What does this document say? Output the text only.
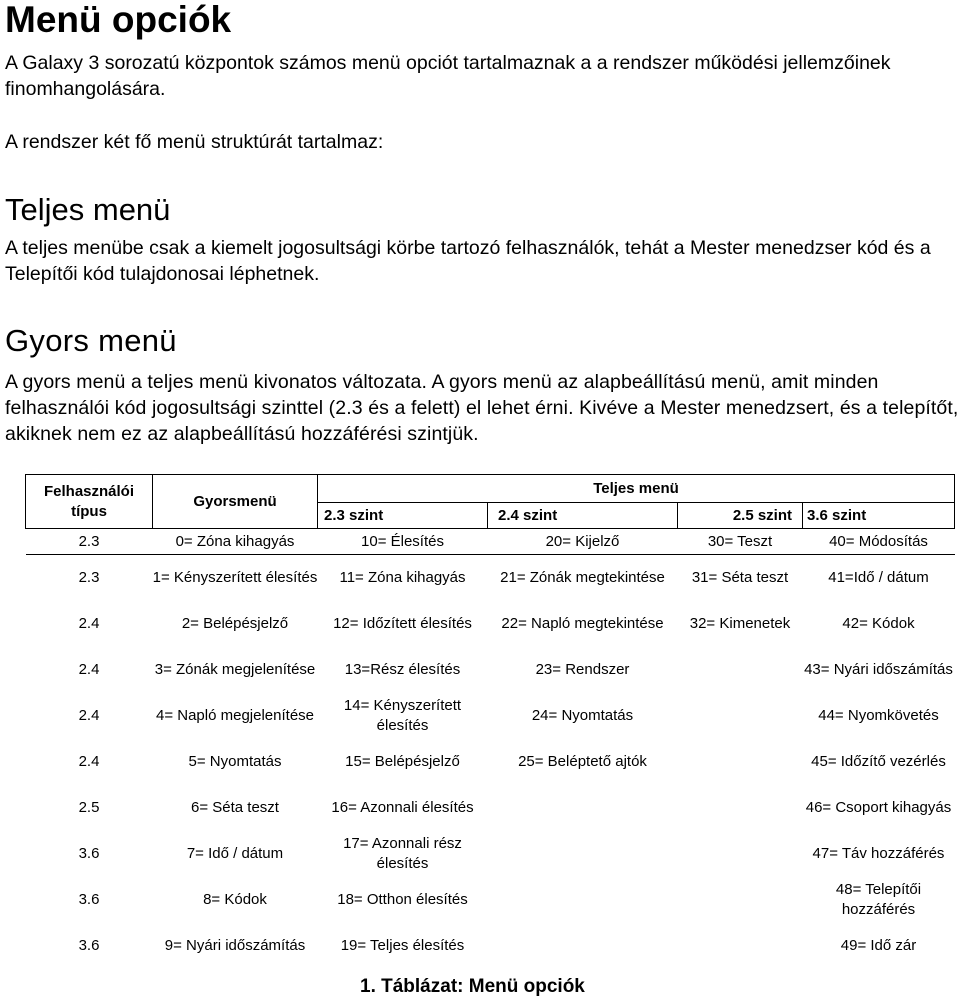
Menü opciók

A Galaxy 3 sorozatú központok számos menü opciót tartalmaznak a a rendszer működési jellemzőinek finomhangolására.

A rendszer két fő menü struktúrát tartalmaz:

Teljes menü

A teljes menübe csak a kiemelt jogosultsági körbe tartozó felhasználók, tehát a Mester menedzser kód és a Telepítői kód tulajdonosai léphetnek.

Gyors menü

A gyors menü a teljes menü kivonatos változata. A gyors menü az alapbeállítású menü, amit minden felhasználói kód jogosultsági szinttel (2.3 és a felett) el lehet érni. Kivéve a Mester menedzsert, és a telepítőt, akiknek nem ez az alapbeállítású hozzáférési szintjük.

Felhasználói típus	Gyorsmenü	Teljes menü			
		2.3 szint	2.4 szint	2.5 szint	3.6 szint
2.3	0= Zóna kihagyás	10= Élesítés	20= Kijelző	30= Teszt	40= Módosítás
2.3	1= Kényszerített élesítés	11= Zóna kihagyás	21= Zónák megtekintése	31= Séta teszt	41=Idő / dátum
2.4	2= Belépésjelző	12= Időzített élesítés	22= Napló megtekintése	32= Kimenetek	42= Kódok
2.4	3= Zónák megjelenítése	13=Rész élesítés	23= Rendszer		43= Nyári időszámítás
2.4	4= Napló megjelenítése	14= Kényszerített élesítés	24= Nyomtatás		44= Nyomkövetés
2.4	5= Nyomtatás	15= Belépésjelző	25= Beléptető ajtók		45= Időzítő vezérlés
2.5	6= Séta teszt	16= Azonnali élesítés			46= Csoport kihagyás
3.6	7= Idő / dátum	17= Azonnali rész élesítés			47= Táv hozzáférés
3.6	8= Kódok	18= Otthon élesítés			48= Telepítői hozzáférés
3.6	9= Nyári időszámítás	19= Teljes élesítés			49= Idő zár
1. Táblázat: Menü opciók
